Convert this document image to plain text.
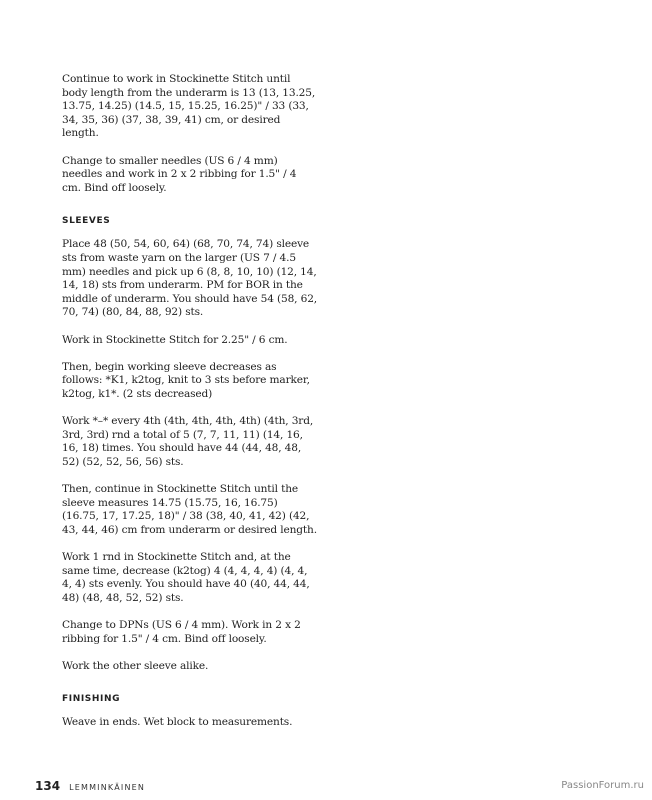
Continue to work in Stockinette Stitch until body length from the underarm is 13 (13, 13.25, 13.75, 14.25) (14.5, 15, 15.25, 16.25)" / 33 (33, 34, 35, 36) (37, 38, 39, 41) cm, or desired length.

Change to smaller needles (US 6 / 4 mm) needles and work in 2 x 2 ribbing for 1.5" / 4 cm. Bind off loosely.

SLEEVES

Place 48 (50, 54, 60, 64) (68, 70, 74, 74) sleeve sts from waste yarn on the larger (US 7 / 4.5 mm) needles and pick up 6 (8, 8, 10, 10) (12, 14, 14, 18) sts from underarm. PM for BOR in the middle of underarm. You should have 54 (58, 62, 70, 74) (80, 84, 88, 92) sts.

Work in Stockinette Stitch for 2.25" / 6 cm.

Then, begin working sleeve decreases as follows: *K1, k2tog, knit to 3 sts before marker, k2tog, k1*. (2 sts decreased)

Work *–* every 4th (4th, 4th, 4th, 4th) (4th, 3rd, 3rd, 3rd) rnd a total of 5 (7, 7, 11, 11) (14, 16, 16, 18) times. You should have 44 (44, 48, 48, 52) (52, 52, 56, 56) sts.

Then, continue in Stockinette Stitch until the sleeve measures 14.75 (15.75, 16, 16.75) (16.75, 17, 17.25, 18)" / 38 (38, 40, 41, 42) (42, 43, 44, 46) cm from underarm or desired length.

Work 1 rnd in Stockinette Stitch and, at the same time, decrease (k2tog) 4 (4, 4, 4, 4) (4, 4, 4, 4) sts evenly. You should have 40 (40, 44, 44, 48) (48, 48, 52, 52) sts.

Change to DPNs (US 6 / 4 mm). Work in 2 x 2 ribbing for 1.5" / 4 cm. Bind off loosely.

Work the other sleeve alike.

FINISHING

Weave in ends. Wet block to measurements.

134 LEMMINKÄINEN	PassionForum.ru
